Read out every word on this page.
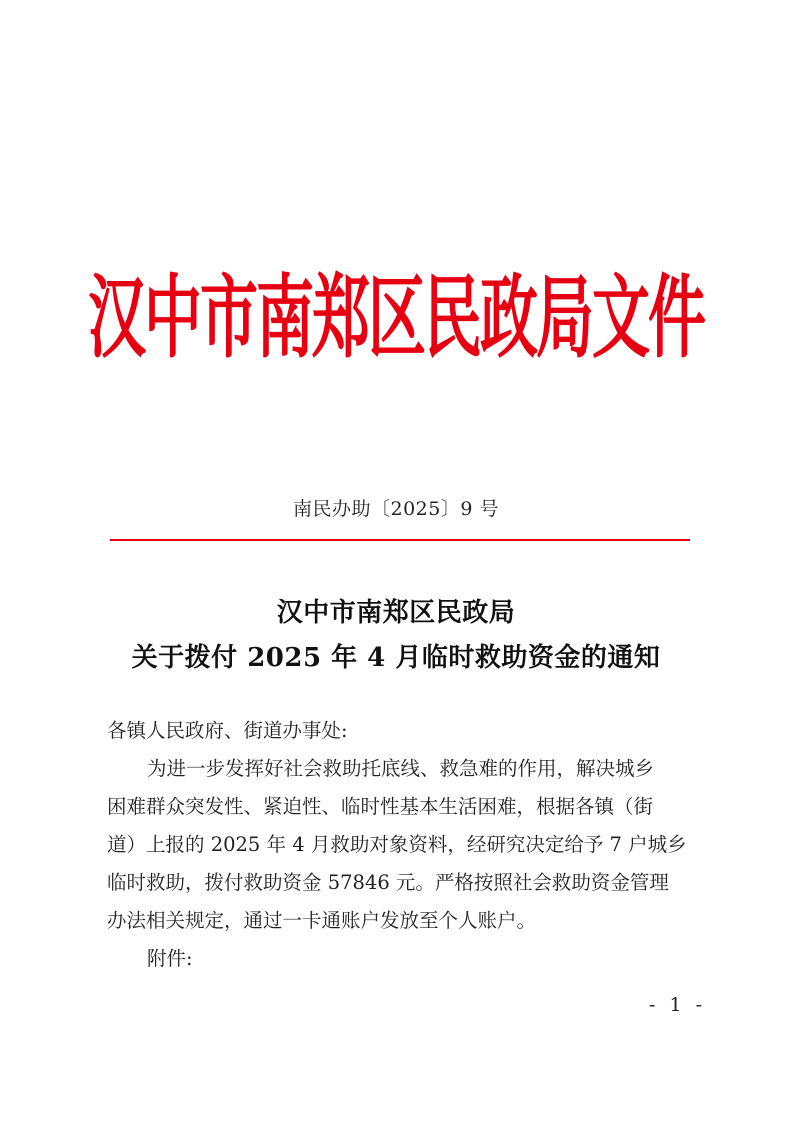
汉中市南郑区民政局文件
南民办助〔2025〕9 号
汉中市南郑区民政局
关于拨付 2025 年 4 月临时救助资金的通知

各镇人民政府、街道办事处:

为进一步发挥好社会救助托底线、救急难的作用，解决城乡

困难群众突发性、紧迫性、临时性基本生活困难，根据各镇（街

道）上报的 2025 年 4 月救助对象资料，经研究决定给予 7 户城乡

临时救助，拨付救助资金 57846 元。严格按照社会救助资金管理

办法相关规定，通过一卡通账户发放至个人账户。

附件:

- 1 -
